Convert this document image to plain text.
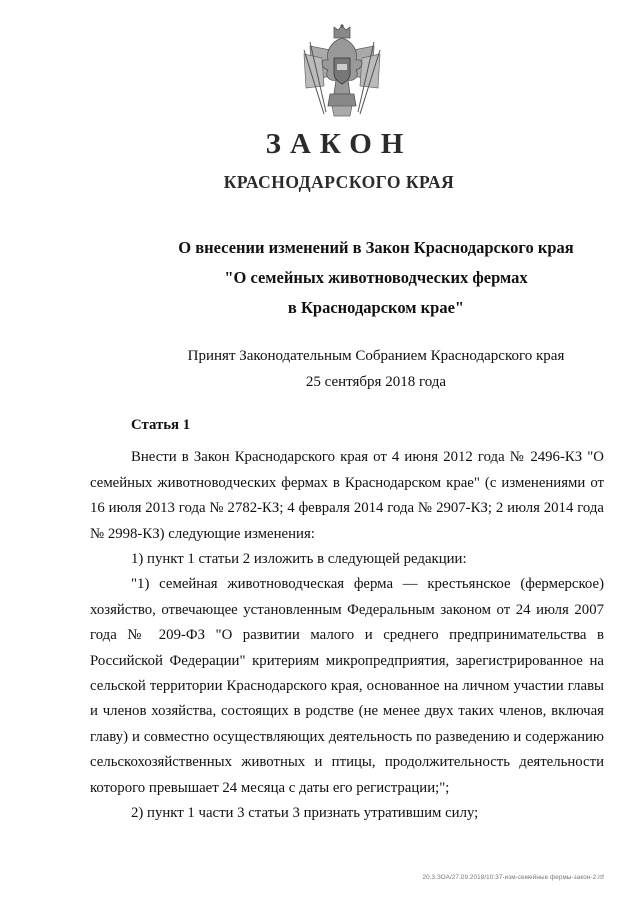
ЗАКОН
КРАСНОДАРСКОГО КРАЯ
О внесении изменений в Закон Краснодарского края
"О семейных животноводческих фермах
в Краснодарском крае"
Принят Законодательным Собранием Краснодарского края
25 сентября 2018 года

Статья 1

Внести в Закон Краснодарского края от 4 июня 2012 года № 2496-КЗ "О семейных животноводческих фермах в Краснодарском крае" (с изменениями от 16 июля 2013 года № 2782-КЗ; 4 февраля 2014 года № 2907-КЗ; 2 июля 2014 года № 2998-КЗ) следующие изменения:

1) пункт 1 статьи 2 изложить в следующей редакции:

"1) семейная животноводческая ферма — крестьянское (фермерское) хозяйство, отвечающее установленным Федеральным законом от 24 июля 2007 года № 209-ФЗ "О развитии малого и среднего предпринимательства в Российской Федерации" критериям микропредприятия, зарегистрированное на сельской территории Краснодарского края, основанное на личном участии главы и членов хозяйства, состоящих в родстве (не менее двух таких членов, включая главу) и совместно осуществляющих деятельность по разведению и содержанию сельскохозяйственных животных и птицы, продолжительность деятельности которого превышает 24 месяца с даты его регистрации;";

2) пункт 1 части 3 статьи 3 признать утратившим силу;

20.3.ЗОА/27.09.2018/10:37-изм-семейные фермы-закон-2.rtf
